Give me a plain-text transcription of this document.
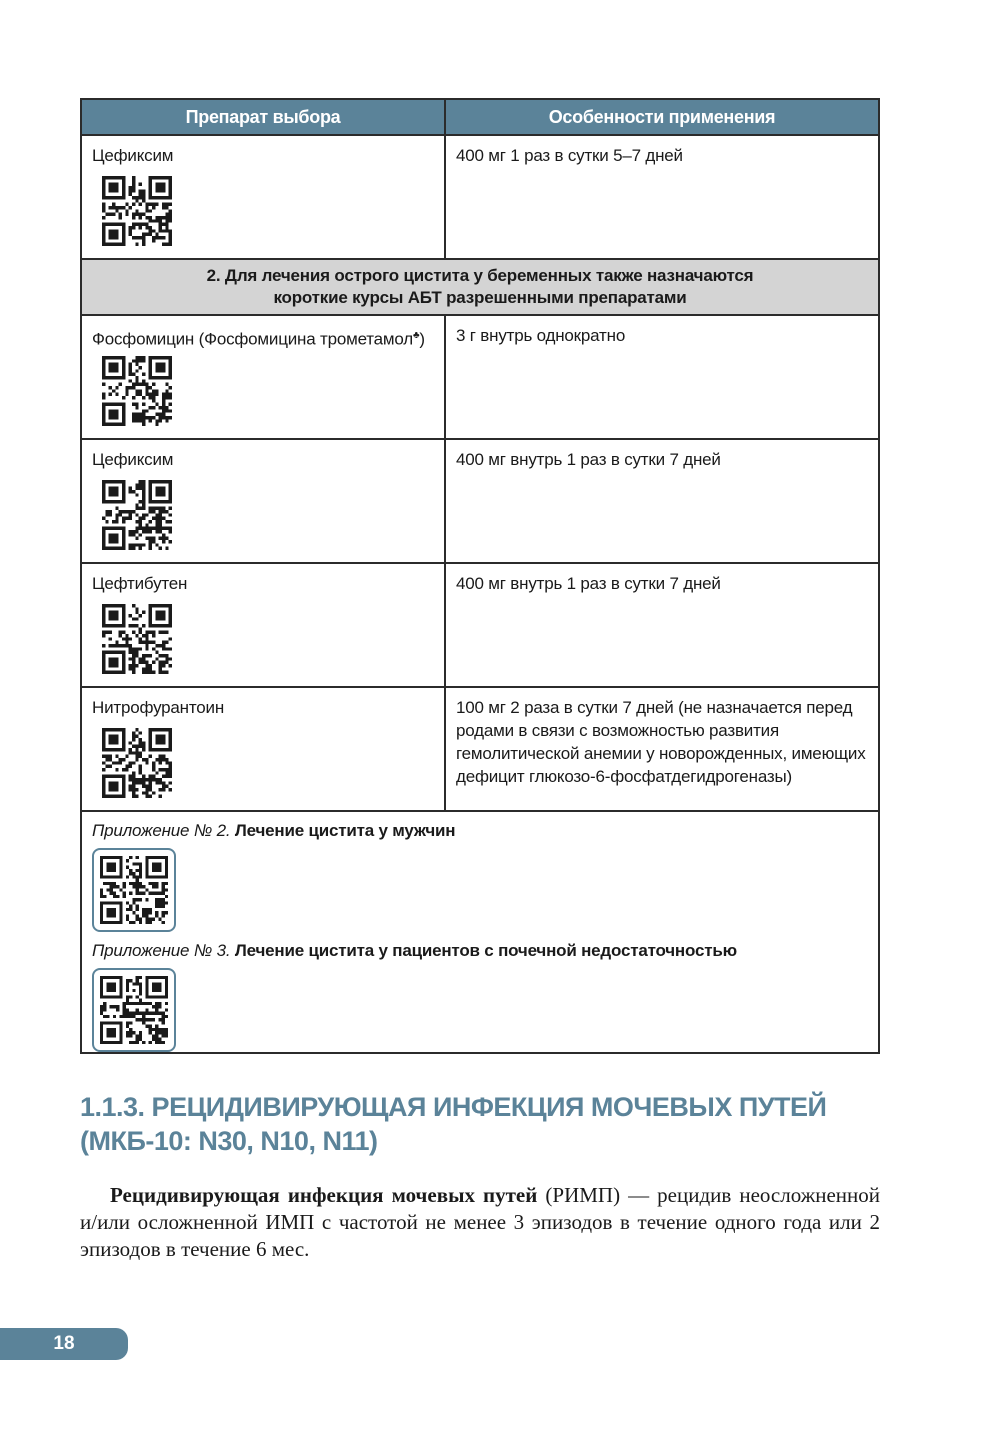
Препарат выбора	Особенности применения
Цефиксим	400 мг 1 раз в сутки 5–7 дней
2. Для лечения острого цистита у беременных также назначаются
короткие курсы АБТ разрешенными препаратами
Фосфомицин (Фосфомицина трометамол♣)	3 г внутрь однократно
Цефиксим	400 мг внутрь 1 раз в сутки 7 дней
Цефтибутен	400 мг внутрь 1 раз в сутки 7 дней
Нитрофурантоин	100 мг 2 раза в сутки 7 дней (не назначается перед родами в связи с возможностью развития гемолитической анемии у новорожденных, имеющих дефицит глюкозо-6-фосфатдегидрогеназы)
Приложение № 2. Лечение цистита у мужчин
Приложение № 3. Лечение цистита у пациентов с почечной недостаточностью
1.1.3. РЕЦИДИВИРУЮЩАЯ ИНФЕКЦИЯ МОЧЕВЫХ ПУТЕЙ
(МКБ-10: N30, N10, N11)

Рецидивирующая инфекция мочевых путей (РИМП) — рецидив неосложненной и/или осложненной ИМП с частотой не менее 3 эпизодов в течение одного года или 2 эпизодов в течение 6 мес.

18
